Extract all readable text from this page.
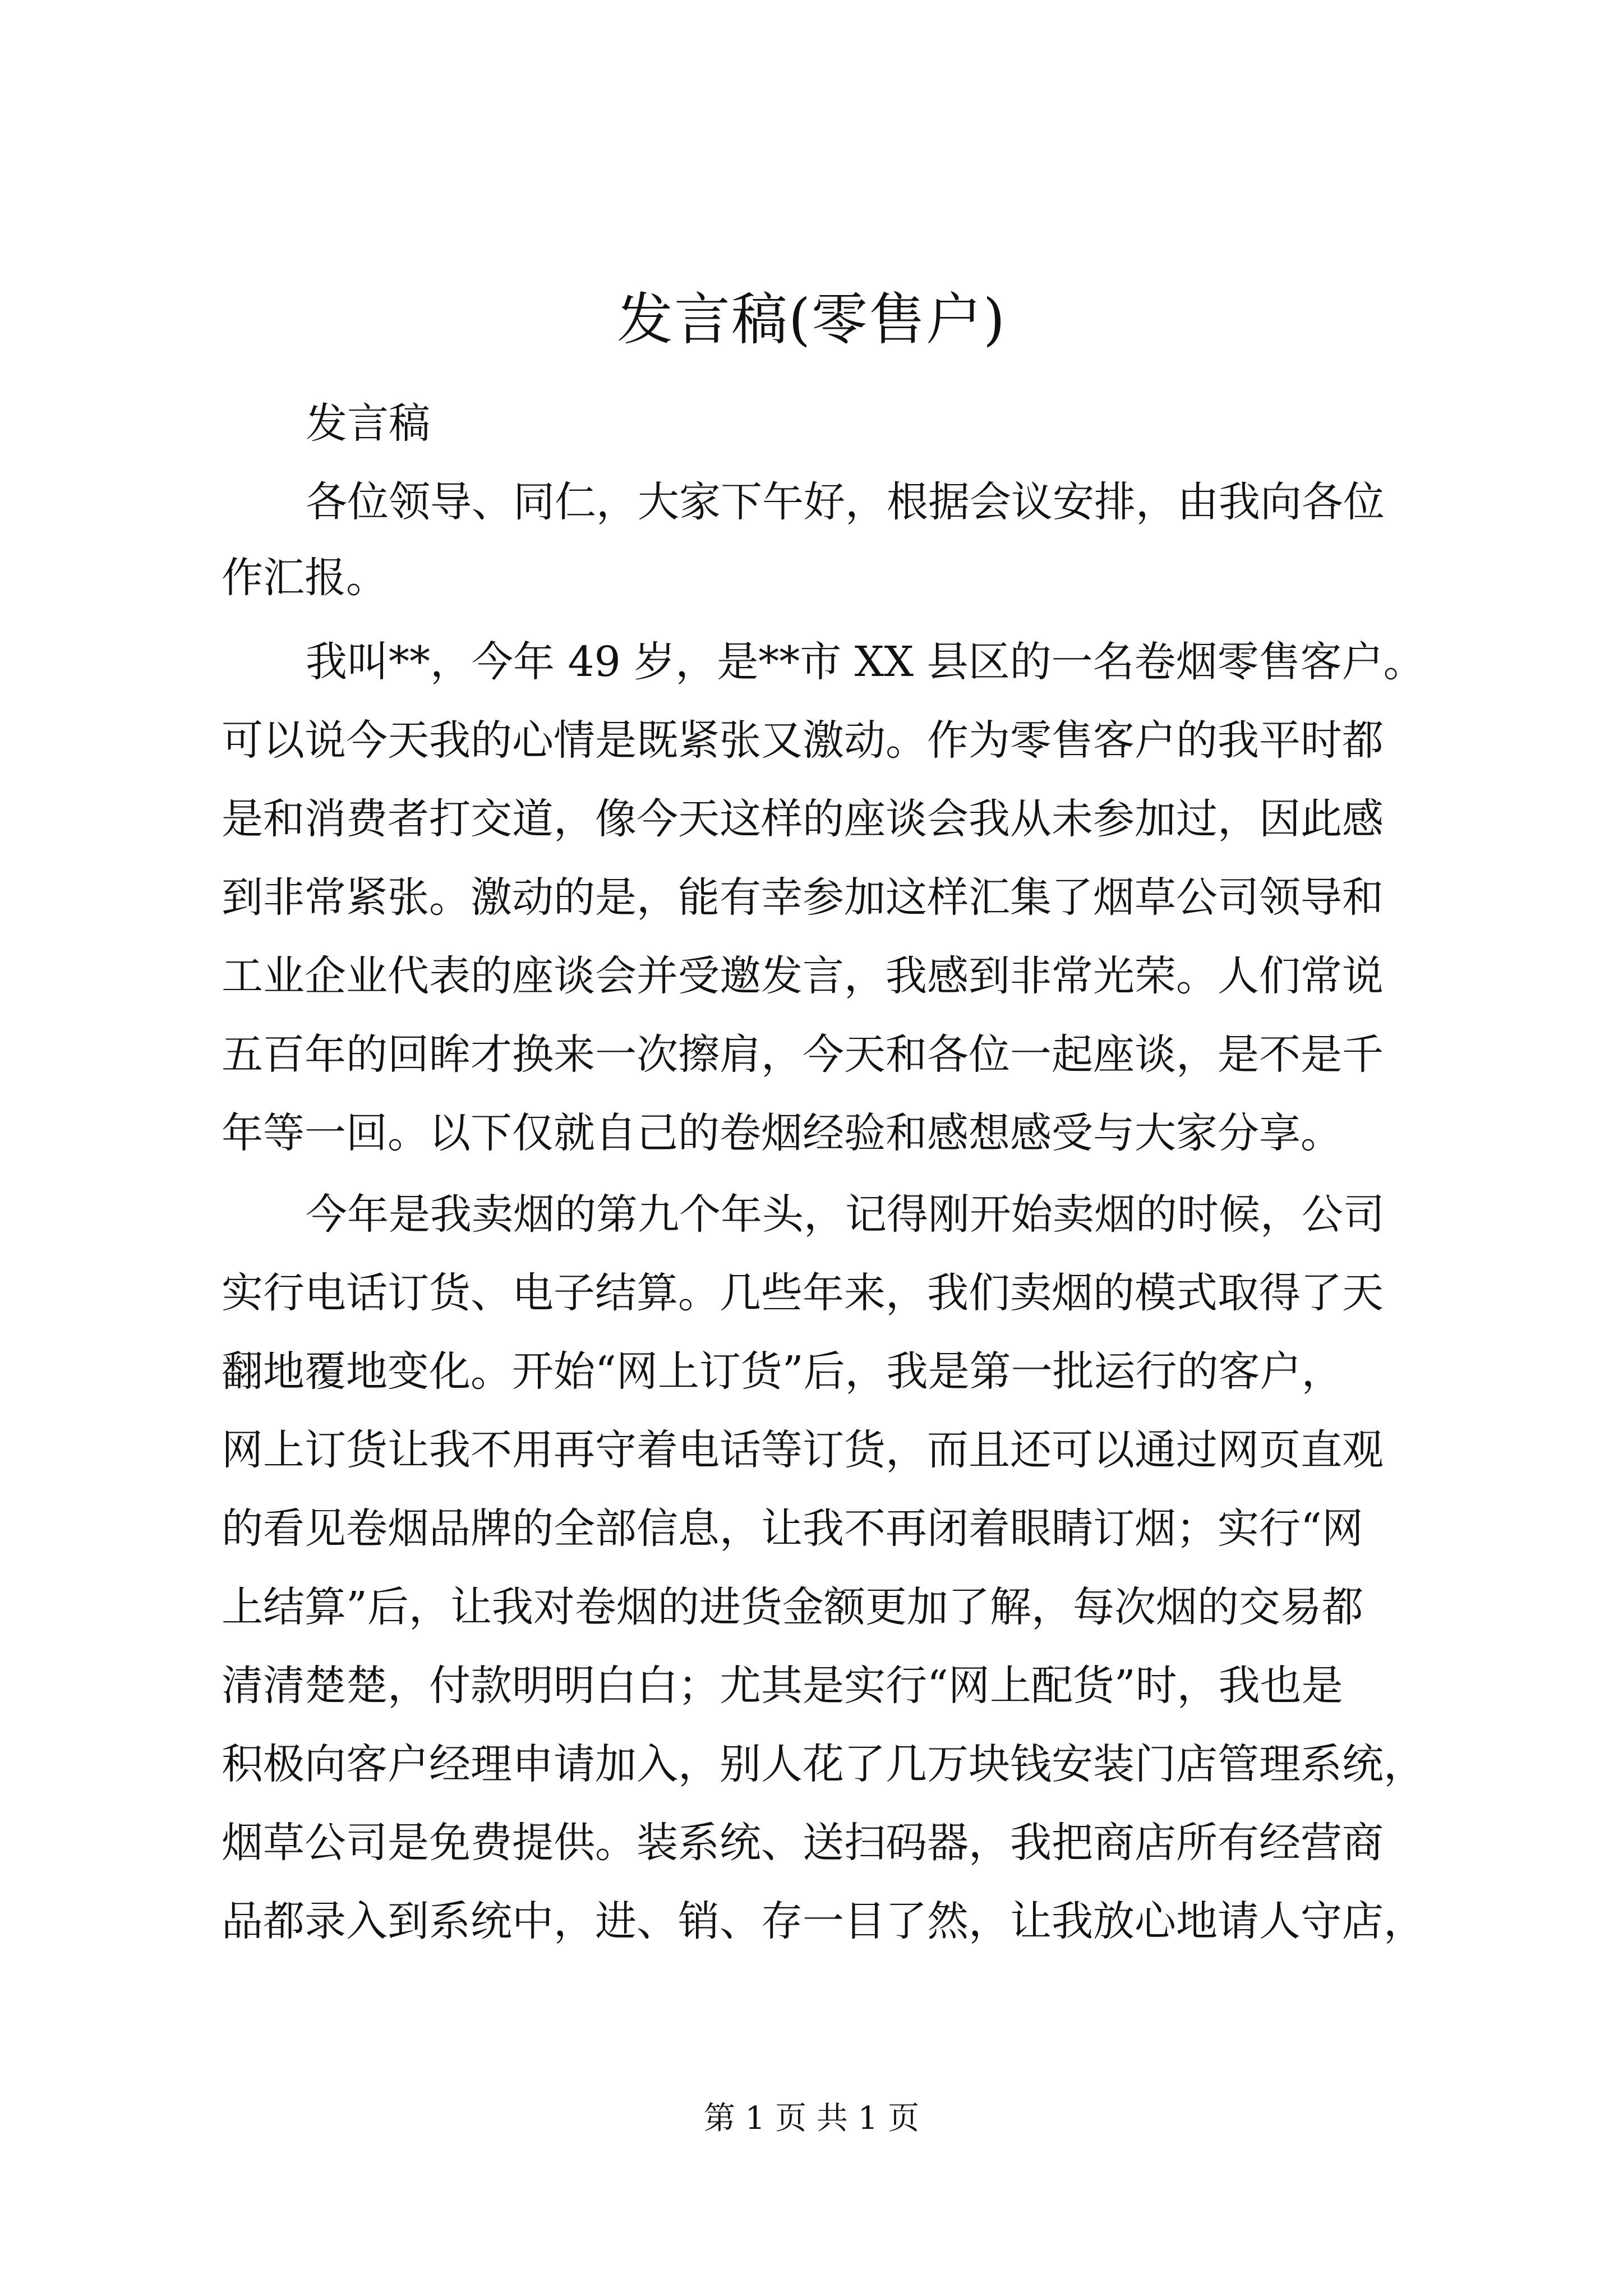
发言稿(零售户)
发言稿
各位领导、同仁，大家下午好，根据会议安排，由我向各位
作汇报。
我叫**，今年 49 岁，是**市 XX 县区的一名卷烟零售客户。
可以说今天我的心情是既紧张又激动。作为零售客户的我平时都
是和消费者打交道，像今天这样的座谈会我从未参加过，因此感
到非常紧张。激动的是，能有幸参加这样汇集了烟草公司领导和
工业企业代表的座谈会并受邀发言，我感到非常光荣。人们常说
五百年的回眸才换来一次擦肩，今天和各位一起座谈，是不是千
年等一回。以下仅就自己的卷烟经验和感想感受与大家分享。
今年是我卖烟的第九个年头，记得刚开始卖烟的时候，公司
实行电话订货、电子结算。几些年来，我们卖烟的模式取得了天
翻地覆地变化。开始“网上订货”后，我是第一批运行的客户，
网上订货让我不用再守着电话等订货，而且还可以通过网页直观
的看见卷烟品牌的全部信息，让我不再闭着眼睛订烟；实行“网
上结算”后，让我对卷烟的进货金额更加了解，每次烟的交易都
清清楚楚，付款明明白白；尤其是实行“网上配货”时，我也是
积极向客户经理申请加入，别人花了几万块钱安装门店管理系统，
烟草公司是免费提供。装系统、送扫码器，我把商店所有经营商
品都录入到系统中，进、销、存一目了然，让我放心地请人守店，
第 1 页 共 1 页
